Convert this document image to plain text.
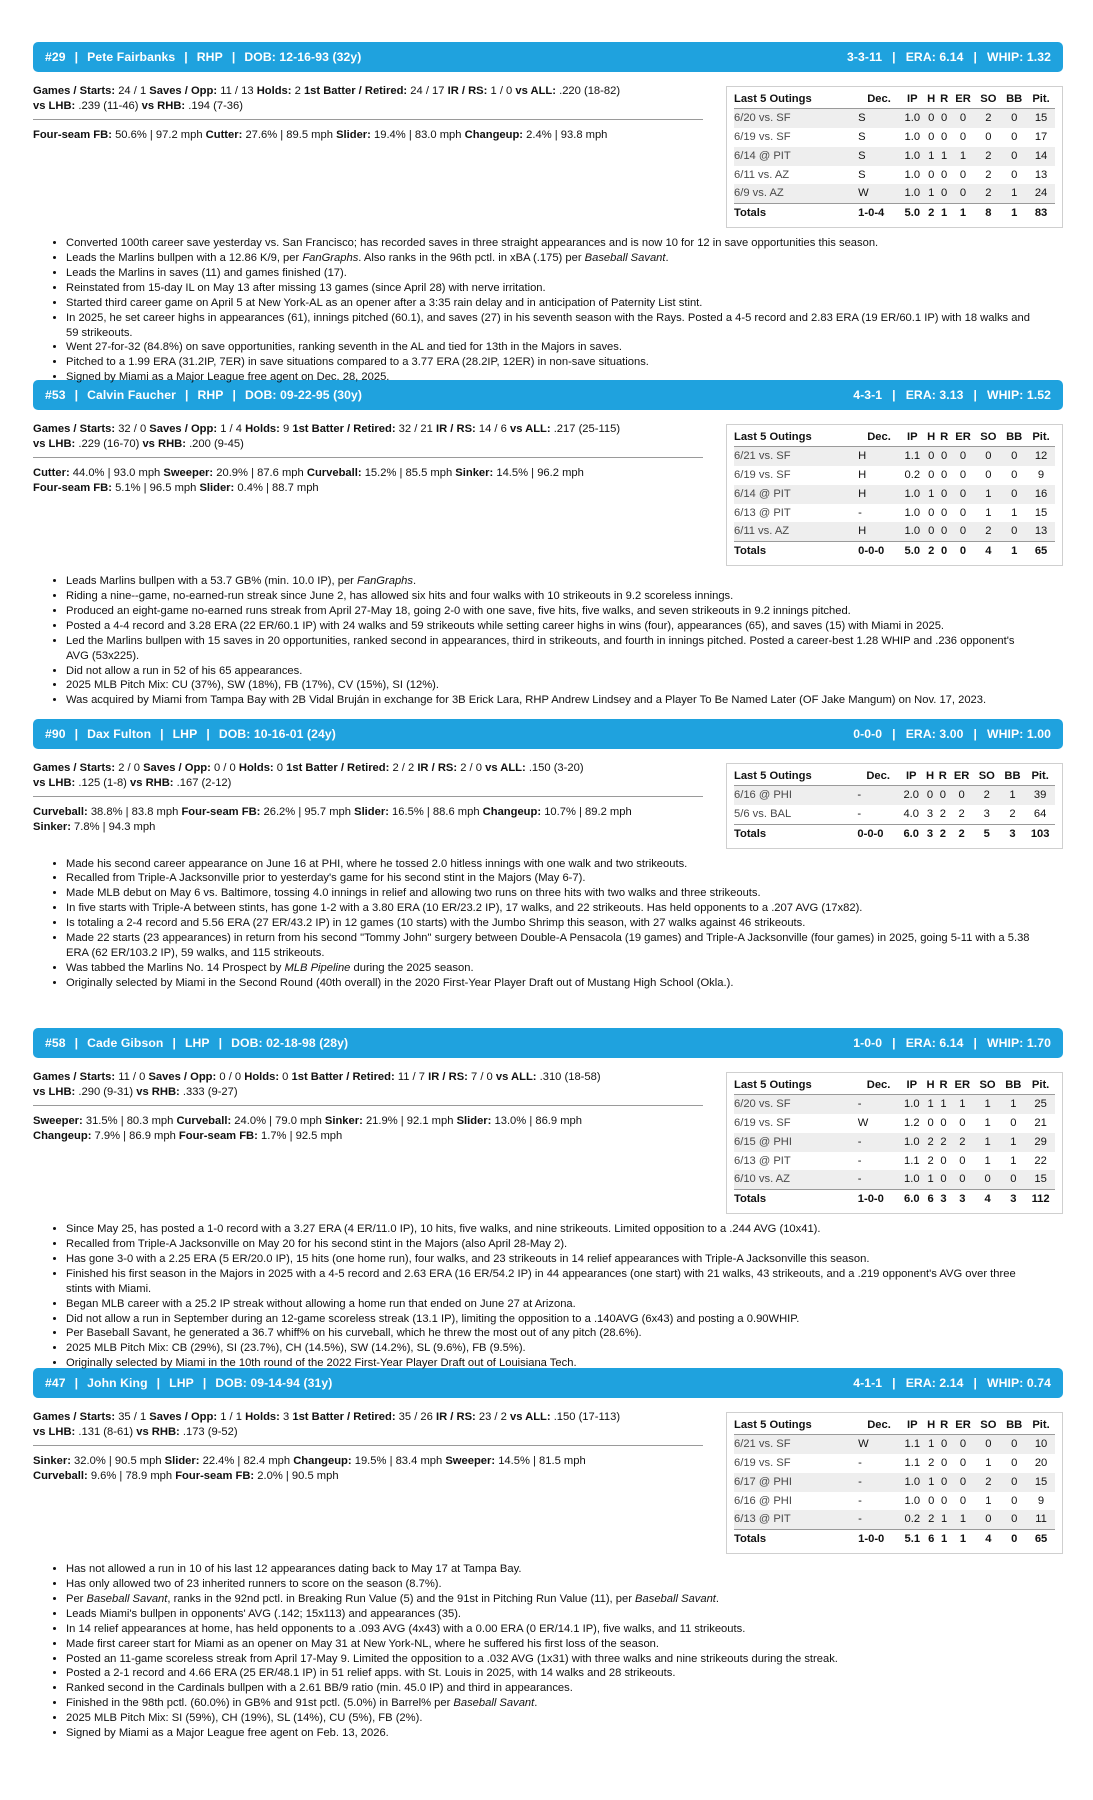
#29 | Pete Fairbanks | RHP | DOB: 12-16-93 (32y)	3-3-11 | ERA: 6.14 | WHIP: 1.32
Games / Starts: 24 / 1 Saves / Opp: 11 / 13 Holds: 2 1st Batter / Retired: 24 / 17 IR / RS: 1 / 0 vs ALL: .220 (18-82)
vs LHB: .239 (11-46) vs RHB: .194 (7-36)
Four-seam FB: 50.6% | 97.2 mph Cutter: 27.6% | 89.5 mph Slider: 19.4% | 83.0 mph Changeup: 2.4% | 93.8 mph
Last 5 Outings	Dec.	IP	H	R	ER	SO	BB	Pit.
6/20 vs. SF	S	1.0	0	0	0	2	0	15
6/19 vs. SF	S	1.0	0	0	0	0	0	17
6/14 @ PIT	S	1.0	1	1	1	2	0	14
6/11 vs. AZ	S	1.0	0	0	0	2	0	13
6/9 vs. AZ	W	1.0	1	0	0	2	1	24
Totals	1-0-4	5.0	2	1	1	8	1	83
• Converted 100th career save yesterday vs. San Francisco; has recorded saves in three straight appearances and is now 10 for 12 in save opportunities this season.
• Leads the Marlins bullpen with a 12.86 K/9, per FanGraphs. Also ranks in the 96th pctl. in xBA (.175) per Baseball Savant.
• Leads the Marlins in saves (11) and games finished (17).
• Reinstated from 15-day IL on May 13 after missing 13 games (since April 28) with nerve irritation.
• Started third career game on April 5 at New York-AL as an opener after a 3:35 rain delay and in anticipation of Paternity List stint.
• In 2025, he set career highs in appearances (61), innings pitched (60.1), and saves (27) in his seventh season with the Rays. Posted a 4-5 record and 2.83 ERA (19 ER/60.1 IP) with 18 walks and 59 strikeouts.
• Went 27-for-32 (84.8%) on save opportunities, ranking seventh in the AL and tied for 13th in the Majors in saves.
• Pitched to a 1.99 ERA (31.2IP, 7ER) in save situations compared to a 3.77 ERA (28.2IP, 12ER) in non-save situations.
• Signed by Miami as a Major League free agent on Dec. 28, 2025.
#53 | Calvin Faucher | RHP | DOB: 09-22-95 (30y)	4-3-1 | ERA: 3.13 | WHIP: 1.52
Games / Starts: 32 / 0 Saves / Opp: 1 / 4 Holds: 9 1st Batter / Retired: 32 / 21 IR / RS: 14 / 6 vs ALL: .217 (25-115)
vs LHB: .229 (16-70) vs RHB: .200 (9-45)
Cutter: 44.0% | 93.0 mph Sweeper: 20.9% | 87.6 mph Curveball: 15.2% | 85.5 mph Sinker: 14.5% | 96.2 mph Four-seam FB: 5.1% | 96.5 mph Slider: 0.4% | 88.7 mph
Last 5 Outings	Dec.	IP	H	R	ER	SO	BB	Pit.
6/21 vs. SF	H	1.1	0	0	0	0	0	12
6/19 vs. SF	H	0.2	0	0	0	0	0	9
6/14 @ PIT	H	1.0	1	0	0	1	0	16
6/13 @ PIT	-	1.0	0	0	0	1	1	15
6/11 vs. AZ	H	1.0	0	0	0	2	0	13
Totals	0-0-0	5.0	2	0	0	4	1	65
• Leads Marlins bullpen with a 53.7 GB% (min. 10.0 IP), per FanGraphs.
• Riding a nine--game, no-earned-run streak since June 2, has allowed six hits and four walks with 10 strikeouts in 9.2 scoreless innings.
• Produced an eight-game no-earned runs streak from April 27-May 18, going 2-0 with one save, five hits, five walks, and seven strikeouts in 9.2 innings pitched.
• Posted a 4-4 record and 3.28 ERA (22 ER/60.1 IP) with 24 walks and 59 strikeouts while setting career highs in wins (four), appearances (65), and saves (15) with Miami in 2025.
• Led the Marlins bullpen with 15 saves in 20 opportunities, ranked second in appearances, third in strikeouts, and fourth in innings pitched. Posted a career-best 1.28 WHIP and .236 opponent's AVG (53x225).
• Did not allow a run in 52 of his 65 appearances.
• 2025 MLB Pitch Mix: CU (37%), SW (18%), FB (17%), CV (15%), SI (12%).
• Was acquired by Miami from Tampa Bay with 2B Vidal Bruján in exchange for 3B Erick Lara, RHP Andrew Lindsey and a Player To Be Named Later (OF Jake Mangum) on Nov. 17, 2023.
#90 | Dax Fulton | LHP | DOB: 10-16-01 (24y)	0-0-0 | ERA: 3.00 | WHIP: 1.00
Games / Starts: 2 / 0 Saves / Opp: 0 / 0 Holds: 0 1st Batter / Retired: 2 / 2 IR / RS: 2 / 0 vs ALL: .150 (3-20)
vs LHB: .125 (1-8) vs RHB: .167 (2-12)
Curveball: 38.8% | 83.8 mph Four-seam FB: 26.2% | 95.7 mph Slider: 16.5% | 88.6 mph Changeup: 10.7% | 89.2 mph Sinker: 7.8% | 94.3 mph
Last 5 Outings	Dec.	IP	H	R	ER	SO	BB	Pit.
6/16 @ PHI	-	2.0	0	0	0	2	1	39
5/6 vs. BAL	-	4.0	3	2	2	3	2	64
Totals	0-0-0	6.0	3	2	2	5	3	103
• Made his second career appearance on June 16 at PHI, where he tossed 2.0 hitless innings with one walk and two strikeouts.
• Recalled from Triple-A Jacksonville prior to yesterday's game for his second stint in the Majors (May 6-7).
• Made MLB debut on May 6 vs. Baltimore, tossing 4.0 innings in relief and allowing two runs on three hits with two walks and three strikeouts.
• In five starts with Triple-A between stints, has gone 1-2 with a 3.80 ERA (10 ER/23.2 IP), 17 walks, and 22 strikeouts. Has held opponents to a .207 AVG (17x82).
• Is totaling a 2-4 record and 5.56 ERA (27 ER/43.2 IP) in 12 games (10 starts) with the Jumbo Shrimp this season, with 27 walks against 46 strikeouts.
• Made 22 starts (23 appearances) in return from his second "Tommy John" surgery between Double-A Pensacola (19 games) and Triple-A Jacksonville (four games) in 2025, going 5-11 with a 5.38 ERA (62 ER/103.2 IP), 59 walks, and 115 strikeouts.
• Was tabbed the Marlins No. 14 Prospect by MLB Pipeline during the 2025 season.
• Originally selected by Miami in the Second Round (40th overall) in the 2020 First-Year Player Draft out of Mustang High School (Okla.).
#58 | Cade Gibson | LHP | DOB: 02-18-98 (28y)	1-0-0 | ERA: 6.14 | WHIP: 1.70
Games / Starts: 11 / 0 Saves / Opp: 0 / 0 Holds: 0 1st Batter / Retired: 11 / 7 IR / RS: 7 / 0 vs ALL: .310 (18-58)
vs LHB: .290 (9-31) vs RHB: .333 (9-27)
Sweeper: 31.5% | 80.3 mph Curveball: 24.0% | 79.0 mph Sinker: 21.9% | 92.1 mph Slider: 13.0% | 86.9 mph Changeup: 7.9% | 86.9 mph Four-seam FB: 1.7% | 92.5 mph
Last 5 Outings	Dec.	IP	H	R	ER	SO	BB	Pit.
6/20 vs. SF	-	1.0	1	1	1	1	1	25
6/19 vs. SF	W	1.2	0	0	0	1	0	21
6/15 @ PHI	-	1.0	2	2	2	1	1	29
6/13 @ PIT	-	1.1	2	0	0	1	1	22
6/10 vs. AZ	-	1.0	1	0	0	0	0	15
Totals	1-0-0	6.0	6	3	3	4	3	112
• Since May 25, has posted a 1-0 record with a 3.27 ERA (4 ER/11.0 IP), 10 hits, five walks, and nine strikeouts. Limited opposition to a .244 AVG (10x41).
• Recalled from Triple-A Jacksonville on May 20 for his second stint in the Majors (also April 28-May 2).
• Has gone 3-0 with a 2.25 ERA (5 ER/20.0 IP), 15 hits (one home run), four walks, and 23 strikeouts in 14 relief appearances with Triple-A Jacksonville this season.
• Finished his first season in the Majors in 2025 with a 4-5 record and 2.63 ERA (16 ER/54.2 IP) in 44 appearances (one start) with 21 walks, 43 strikeouts, and a .219 opponent's AVG over three stints with Miami.
• Began MLB career with a 25.2 IP streak without allowing a home run that ended on June 27 at Arizona.
• Did not allow a run in September during an 12-game scoreless streak (13.1 IP), limiting the opposition to a .140AVG (6x43) and posting a 0.90WHIP.
• Per Baseball Savant, he generated a 36.7 whiff% on his curveball, which he threw the most out of any pitch (28.6%).
• 2025 MLB Pitch Mix: CB (29%), SI (23.7%), CH (14.5%), SW (14.2%), SL (9.6%), FB (9.5%).
• Originally selected by Miami in the 10th round of the 2022 First-Year Player Draft out of Louisiana Tech.
#47 | John King | LHP | DOB: 09-14-94 (31y)	4-1-1 | ERA: 2.14 | WHIP: 0.74
Games / Starts: 35 / 1 Saves / Opp: 1 / 1 Holds: 3 1st Batter / Retired: 35 / 26 IR / RS: 23 / 2 vs ALL: .150 (17-113)
vs LHB: .131 (8-61) vs RHB: .173 (9-52)
Sinker: 32.0% | 90.5 mph Slider: 22.4% | 82.4 mph Changeup: 19.5% | 83.4 mph Sweeper: 14.5% | 81.5 mph Curveball: 9.6% | 78.9 mph Four-seam FB: 2.0% | 90.5 mph
Last 5 Outings	Dec.	IP	H	R	ER	SO	BB	Pit.
6/21 vs. SF	W	1.1	1	0	0	0	0	10
6/19 vs. SF	-	1.1	2	0	0	1	0	20
6/17 @ PHI	-	1.0	1	0	0	2	0	15
6/16 @ PHI	-	1.0	0	0	0	1	0	9
6/13 @ PIT	-	0.2	2	1	1	0	0	11
Totals	1-0-0	5.1	6	1	1	4	0	65
• Has not allowed a run in 10 of his last 12 appearances dating back to May 17 at Tampa Bay.
• Has only allowed two of 23 inherited runners to score on the season (8.7%).
• Per Baseball Savant, ranks in the 92nd pctl. in Breaking Run Value (5) and the 91st in Pitching Run Value (11), per Baseball Savant.
• Leads Miami's bullpen in opponents' AVG (.142; 15x113) and appearances (35).
• In 14 relief appearances at home, has held opponents to a .093 AVG (4x43) with a 0.00 ERA (0 ER/14.1 IP), five walks, and 11 strikeouts.
• Made first career start for Miami as an opener on May 31 at New York-NL, where he suffered his first loss of the season.
• Posted an 11-game scoreless streak from April 17-May 9. Limited the opposition to a .032 AVG (1x31) with three walks and nine strikeouts during the streak.
• Posted a 2-1 record and 4.66 ERA (25 ER/48.1 IP) in 51 relief apps. with St. Louis in 2025, with 14 walks and 28 strikeouts.
• Ranked second in the Cardinals bullpen with a 2.61 BB/9 ratio (min. 45.0 IP) and third in appearances.
• Finished in the 98th pctl. (60.0%) in GB% and 91st pctl. (5.0%) in Barrel% per Baseball Savant.
• 2025 MLB Pitch Mix: SI (59%), CH (19%), SL (14%), CU (5%), FB (2%).
• Signed by Miami as a Major League free agent on Feb. 13, 2026.
